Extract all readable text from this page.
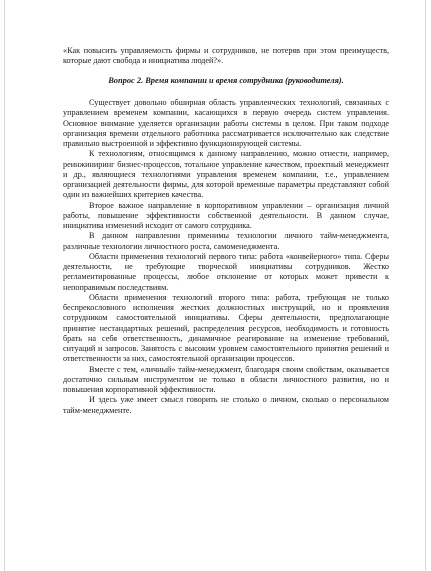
«Как повысить управляемость фирмы и сотрудников, не потеряв при этом преимуществ, которые дают свобода и инициатива людей?».

Вопрос 2. Время компании и время сотрудника (руководителя).

Существует довольно обширная область управленческих технологий, связанных с управлением временем компании, касающихся в первую очередь систем управления. Основное внимание уделяется организации работы системы в целом. При таком подходе организация времени отдельного работника рассматривается исключительно как следствие правильно выстроенной и эффективно функционирующей системы.

К технологиям, относящимся к данному направлению, можно отнести, например, реинжиниринг бизнес-процессов, тотальное управление качеством, проектный менеджмент и др., являющиеся технологиями управления временем компании, т.е., управлением организацией деятельности фирмы, для которой временные параметры представляют собой один из важнейших критериев качества.

Второе важное направление в корпоративном управлении – организация личной работы, повышение эффективности собственной деятельности. В данном случае, инициатива изменений исходит от самого сотрудника.

В данном направлении применимы технологии личного тайм-менеджмента, различные технологии личностного роста, самоменеджмента.

Области применения технологий первого типа: работа «конвейерного» типа. Сферы деятельности, не требующие творческой инициативы сотрудников. Жестко регламентированные процессы, любое отклонение от которых может привести к непоправимым последствиям.

Области применения технологий второго типа: работа, требующая не только беспрекословного исполнения жестких должностных инструкций, но и проявления сотрудником самостоятельной инициативы. Сферы деятельности, предполагающие принятие нестандартных решений, распределения ресурсов, необходимость и готовность брать на себя ответственность, динамичное реагирование на изменение требований, ситуаций и запросов. Занятость с высоким уровнем самостоятельного принятия решений и ответственности за них, самостоятельной организации процессов.

Вместе с тем, «личный» тайм-менеджмент, благодаря своим свойствам, оказывается достаточно сильным инструментом не только в области личностного развития, но и повышения корпоративной эффективности.

И здесь уже имеет смысл говорить не столько о личном, сколько о персональном тайм-менеджменте.
